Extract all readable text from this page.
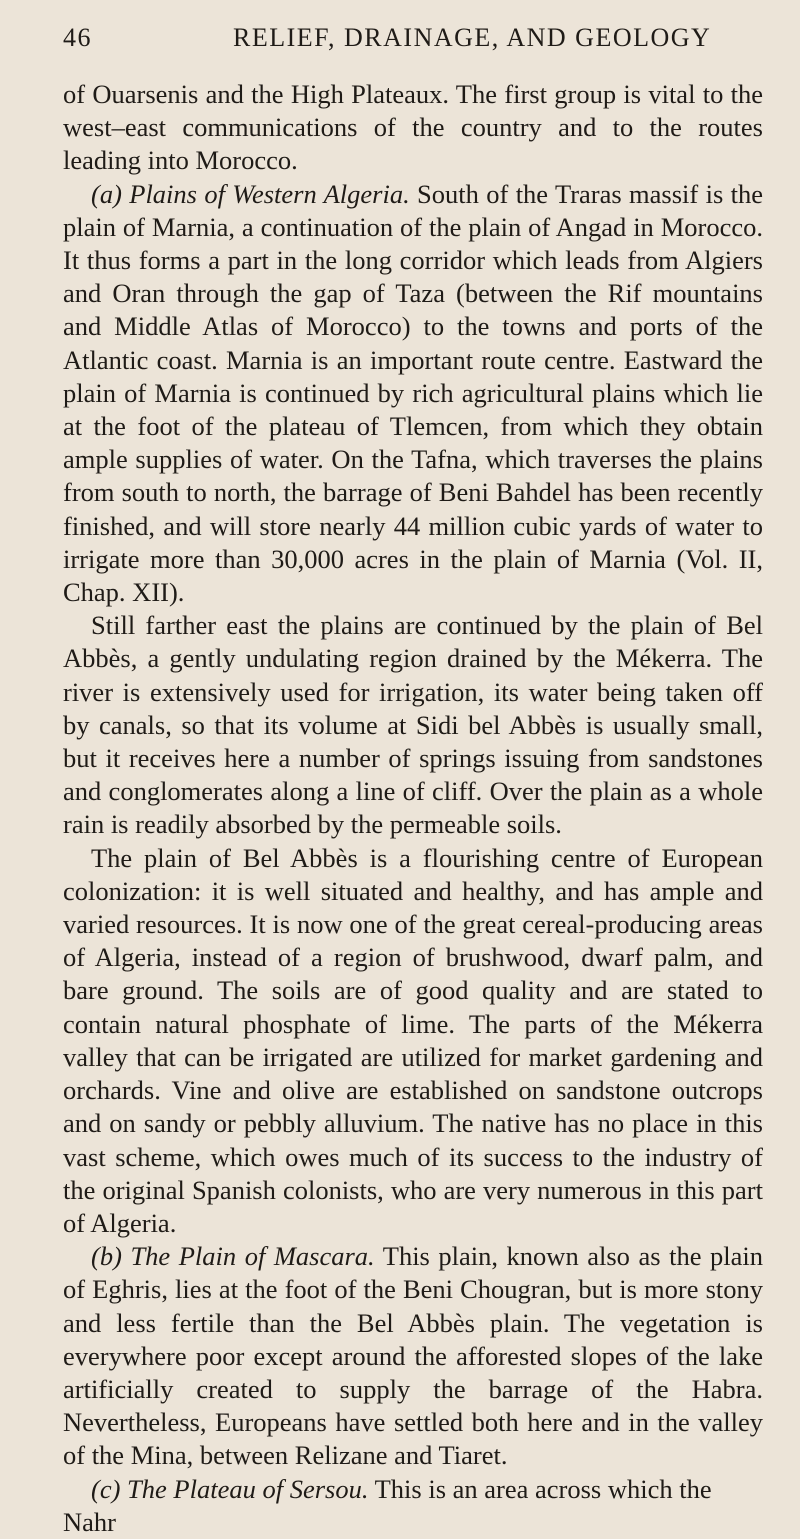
46	RELIEF, DRAINAGE, AND GEOLOGY

of Ouarsenis and the High Plateaux. The first group is vital to the west–east communications of the country and to the routes leading into Morocco.

(a) Plains of Western Algeria. South of the Traras massif is the plain of Marnia, a continuation of the plain of Angad in Morocco. It thus forms a part in the long corridor which leads from Algiers and Oran through the gap of Taza (between the Rif mountains and Middle Atlas of Morocco) to the towns and ports of the Atlantic coast. Marnia is an important route centre. Eastward the plain of Marnia is continued by rich agricultural plains which lie at the foot of the plateau of Tlemcen, from which they obtain ample supplies of water. On the Tafna, which traverses the plains from south to north, the barrage of Beni Bahdel has been recently finished, and will store nearly 44 million cubic yards of water to irrigate more than 30,000 acres in the plain of Marnia (Vol. II, Chap. XII).

Still farther east the plains are continued by the plain of Bel Abbès, a gently undulating region drained by the Mékerra. The river is extensively used for irrigation, its water being taken off by canals, so that its volume at Sidi bel Abbès is usually small, but it receives here a number of springs issuing from sandstones and conglomerates along a line of cliff. Over the plain as a whole rain is readily absorbed by the permeable soils.

The plain of Bel Abbès is a flourishing centre of European colonization: it is well situated and healthy, and has ample and varied resources. It is now one of the great cereal-producing areas of Algeria, instead of a region of brushwood, dwarf palm, and bare ground. The soils are of good quality and are stated to contain natural phosphate of lime. The parts of the Mékerra valley that can be irrigated are utilized for market gardening and orchards. Vine and olive are established on sandstone outcrops and on sandy or pebbly alluvium. The native has no place in this vast scheme, which owes much of its success to the industry of the original Spanish colonists, who are very numerous in this part of Algeria.

(b) The Plain of Mascara. This plain, known also as the plain of Eghris, lies at the foot of the Beni Chougran, but is more stony and less fertile than the Bel Abbès plain. The vegetation is everywhere poor except around the afforested slopes of the lake artificially created to supply the barrage of the Habra. Nevertheless, Europeans have settled both here and in the valley of the Mina, between Relizane and Tiaret.

(c) The Plateau of Sersou. This is an area across which the Nahr
